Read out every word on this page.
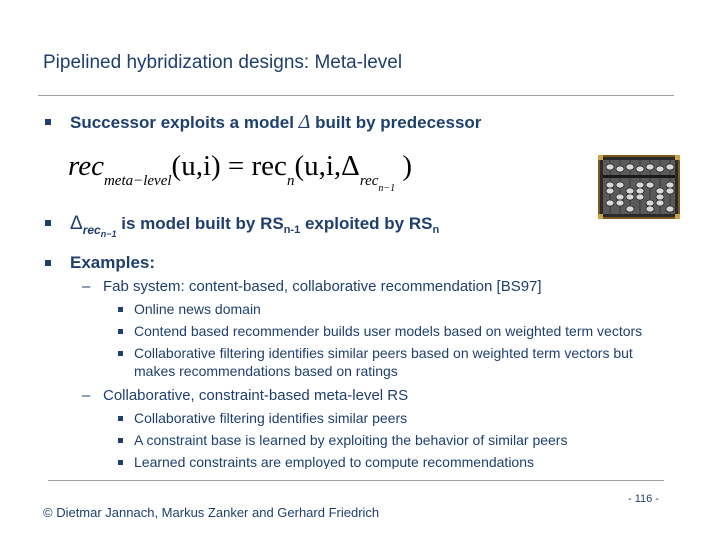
Pipelined hybridization designs: Meta-level
Successor exploits a model Δ built by predecessor
$\Delta_{rec_{n-1}}$ is model built by $RS_{n-1}$ exploited by $RS_n$
Examples:
– Fab system: content-based, collaborative recommendation [BS97]
Online news domain
Contend based recommender builds user models based on weighted term vectors
Collaborative filtering identifies similar peers based on weighted term vectors but
makes recommendations based on ratings
– Collaborative, constraint-based meta-level RS
Collaborative filtering identifies similar peers
A constraint base is learned by exploiting the behavior of similar peers
Learned constraints are employed to compute recommendations
$rec_{meta-level}(u,i) = rec_n(u,i,\Delta_{recn-1}$ )
© Dietmar Jannach, Markus Zanker and Gerhard Friedrich
- 116 -
